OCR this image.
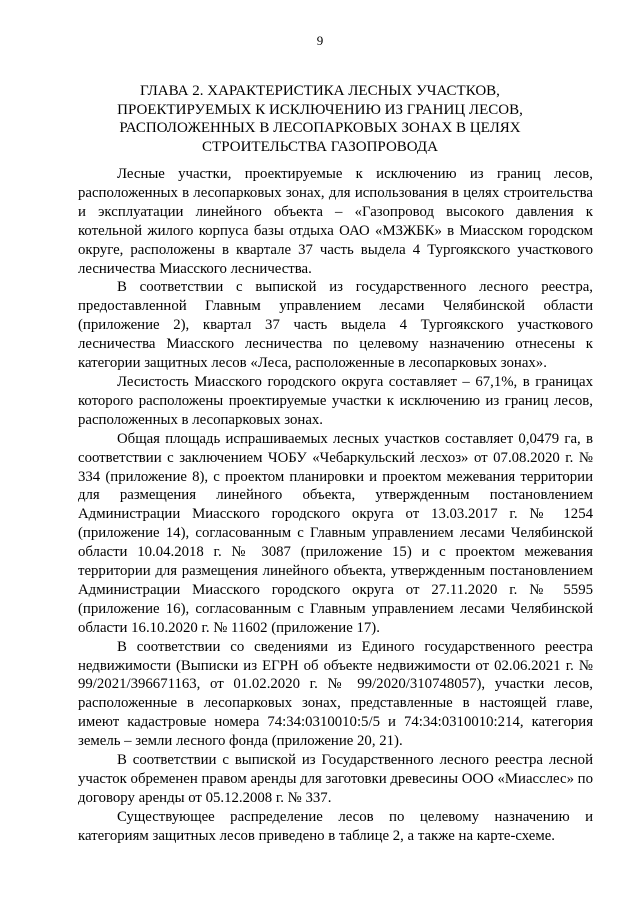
9
ГЛАВА 2. ХАРАКТЕРИСТИКА ЛЕСНЫХ УЧАСТКОВ,
ПРОЕКТИРУЕМЫХ К ИСКЛЮЧЕНИЮ ИЗ ГРАНИЦ ЛЕСОВ,
РАСПОЛОЖЕННЫХ В ЛЕСОПАРКОВЫХ ЗОНАХ В ЦЕЛЯХ
СТРОИТЕЛЬСТВА ГАЗОПРОВОДА

Лесные участки, проектируемые к исключению из границ лесов, расположенных в лесопарковых зонах, для использования в целях строительства и эксплуатации линейного объекта – «Газопровод высокого давления к котельной жилого корпуса базы отдыха ОАО «МЗЖБК» в Миасском городском округе, расположены в квартале 37 часть выдела 4 Тургоякского участкового лесничества Миасского лесничества.

В соответствии с выпиской из государственного лесного реестра, предоставленной Главным управлением лесами Челябинской области (приложение 2), квартал 37 часть выдела 4 Тургоякского участкового лесничества Миасского лесничества по целевому назначению отнесены к категории защитных лесов «Леса, расположенные в лесопарковых зонах».

Лесистость Миасского городского округа составляет – 67,1%, в границах которого расположены проектируемые участки к исключению из границ лесов, расположенных в лесопарковых зонах.

Общая площадь испрашиваемых лесных участков составляет 0,0479 га, в соответствии с заключением ЧОБУ «Чебаркульский лесхоз» от 07.08.2020 г. № 334 (приложение 8), с проектом планировки и проектом межевания территории для размещения линейного объекта, утвержденным постановлением Администрации Миасского городского округа от 13.03.2017 г. № 1254 (приложение 14), согласованным с Главным управлением лесами Челябинской области 10.04.2018 г. № 3087 (приложение 15) и с проектом межевания территории для размещения линейного объекта, утвержденным постановлением Администрации Миасского городского округа от 27.11.2020 г. № 5595 (приложение 16), согласованным с Главным управлением лесами Челябинской области 16.10.2020 г. № 11602 (приложение 17).

В соответствии со сведениями из Единого государственного реестра недвижимости (Выписки из ЕГРН об объекте недвижимости от 02.06.2021 г. № 99/2021/396671163, от 01.02.2020 г. № 99/2020/310748057), участки лесов, расположенные в лесопарковых зонах, представленные в настоящей главе, имеют кадастровые номера 74:34:0310010:5/5 и 74:34:0310010:214, категория земель – земли лесного фонда (приложение 20, 21).

В соответствии с выпиской из Государственного лесного реестра лесной участок обременен правом аренды для заготовки древесины ООО «Миасслес» по договору аренды от 05.12.2008 г. № 337.

Существующее распределение лесов по целевому назначению и категориям защитных лесов приведено в таблице 2, а также на карте-схеме.
